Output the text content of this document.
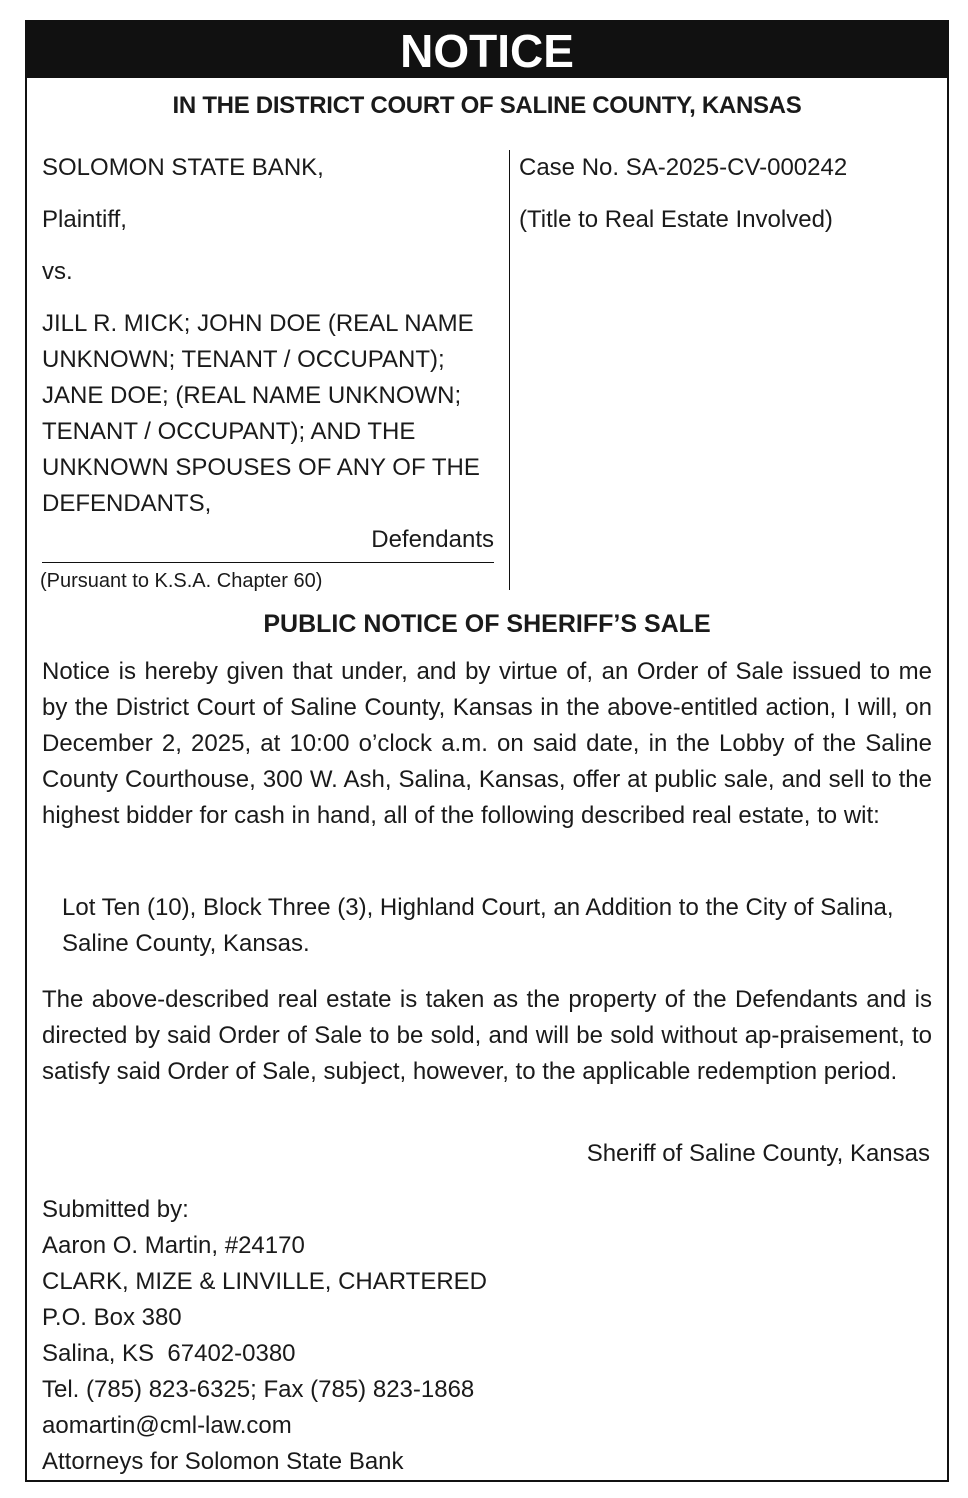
NOTICE
IN THE DISTRICT COURT OF SALINE COUNTY, KANSAS

SOLOMON STATE BANK,

Plaintiff,

vs.

JILL R. MICK; JOHN DOE (REAL NAME

UNKNOWN; TENANT / OCCUPANT);

JANE DOE; (REAL NAME UNKNOWN;

TENANT / OCCUPANT); AND THE

UNKNOWN SPOUSES OF ANY OF THE

DEFENDANTS,

Defendants

(Pursuant to K.S.A. Chapter 60)

Case No. SA-2025-CV-000242

(Title to Real Estate Involved)

PUBLIC NOTICE OF SHERIFF’S SALE
Notice is hereby given that under, and by virtue of, an Order of Sale issued to me by the District Court of Saline County, Kansas in the above-entitled action, I will, on December 2, 2025, at 10:00 o’clock a.m. on said date, in the Lobby of the Saline County Courthouse, 300 W. Ash, Salina, Kansas, offer at public sale, and sell to the highest bidder for cash in hand, all of the following described real estate, to wit:
Lot Ten (10), Block Three (3), Highland Court, an Addition to the City of Salina, Saline County, Kansas.
The above-described real estate is taken as the property of the Defendants and is directed by said Order of Sale to be sold, and will be sold without ap-praisement, to satisfy said Order of Sale, subject, however, to the applicable redemption period.
Sheriff of Saline County, Kansas
Submitted by:
Aaron O. Martin, #24170
CLARK, MIZE & LINVILLE, CHARTERED
P.O. Box 380
Salina, KS  67402-0380
Tel. (785) 823-6325; Fax (785) 823-1868
aomartin@cml-law.com
Attorneys for Solomon State Bank
